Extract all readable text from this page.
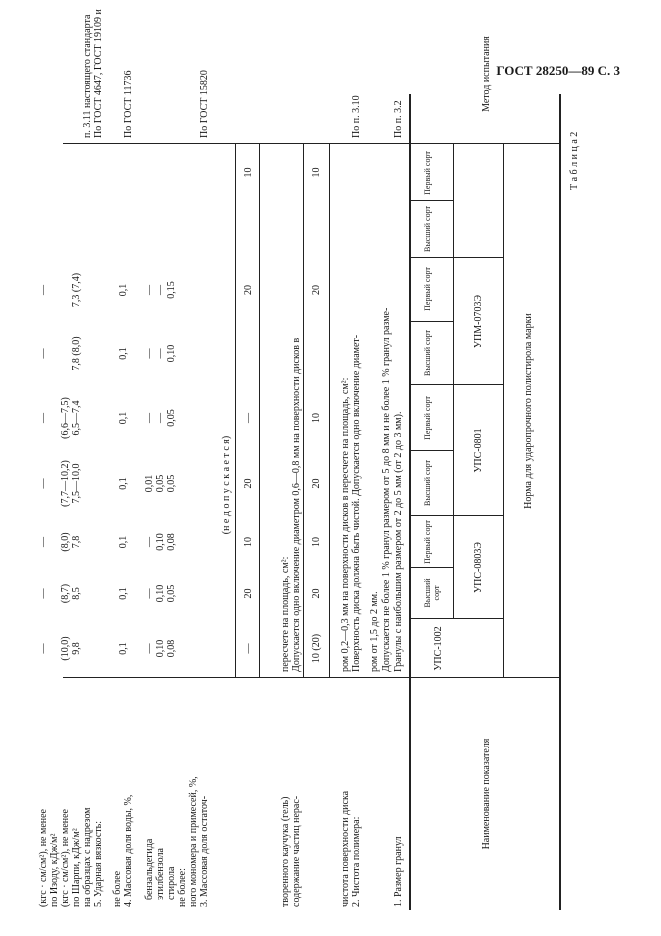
ГОСТ 28250—89 С. 3
Т а б л и ц а 2
Наименование показателя
Норма для ударопрочного полистирола марки
Метод испытания
УПС-1002
УПС-0803Э
УПС-0801
УПМ-0703Э
Высший сорт
Первый сорт
Высший сорт
Первый сорт
Высший сорт
Первый сорт
Высший сорт
Первый сорт
1. Размер гранул
Гранулы с наибольшим размером от 2 до 5 мм (от 2 до 3 мм).
Допускается не более 1 % гранул размером от 5 до 8 мм и не более 1 % гранул разме-
ром от 1,5 до 2 мм.
По п. 3.2
2. Чистота полимера:
чистота поверхности диска
Поверхность диска должна быть чистой. Допускается одно включение диамет-
ром 0,2—0,3 мм на поверхности дисков в пересчете на площадь, см²:
По п. 3.10
10 (20)
20
10
20
10
20
10
содержание частиц нерас-
творенного каучука (гель)
Допускается одно включение диаметром 0,6—0,8 мм на поверхности дисков в
пересчете на площадь, см²:
—
20
10
20
—
20
10
(н е д о п у с к а е т с я)
3. Массовая доля остаточ-
ного мономера и примесей, %,
не более:
стирола
этилбензола
бензальдегида
По ГОСТ 15820
0,08
0,10
—
0,05
0,10
—
0,08
0,10
—
0,05
0,05
0,01
0,05
—
—
0,10
—
—
0,15
—
—
4. Массовая доля воды, %,
не более
По ГОСТ 11736
0,1
0,1
0,1
0,1
0,1
0,1
0,1
5. Ударная вязкость:
на образцах с надрезом
по Шарпи, кДж/м²
(кгс · см/см²), не менее
по Изоду, кДж/м²
(кгс · см/см²), не менее
По ГОСТ 4647, ГОСТ 19109 и
п. 3.11 настоящего стандарта
9,8
(10,0)
8,5
(8,7)
7,8
(8,0)
7,5—10,0
(7,7—10,2)
6,5—7,4
(6,6—7,5)
7,8 (8,0)
7,3 (7,4)
—
—
—
—
—
—
—
